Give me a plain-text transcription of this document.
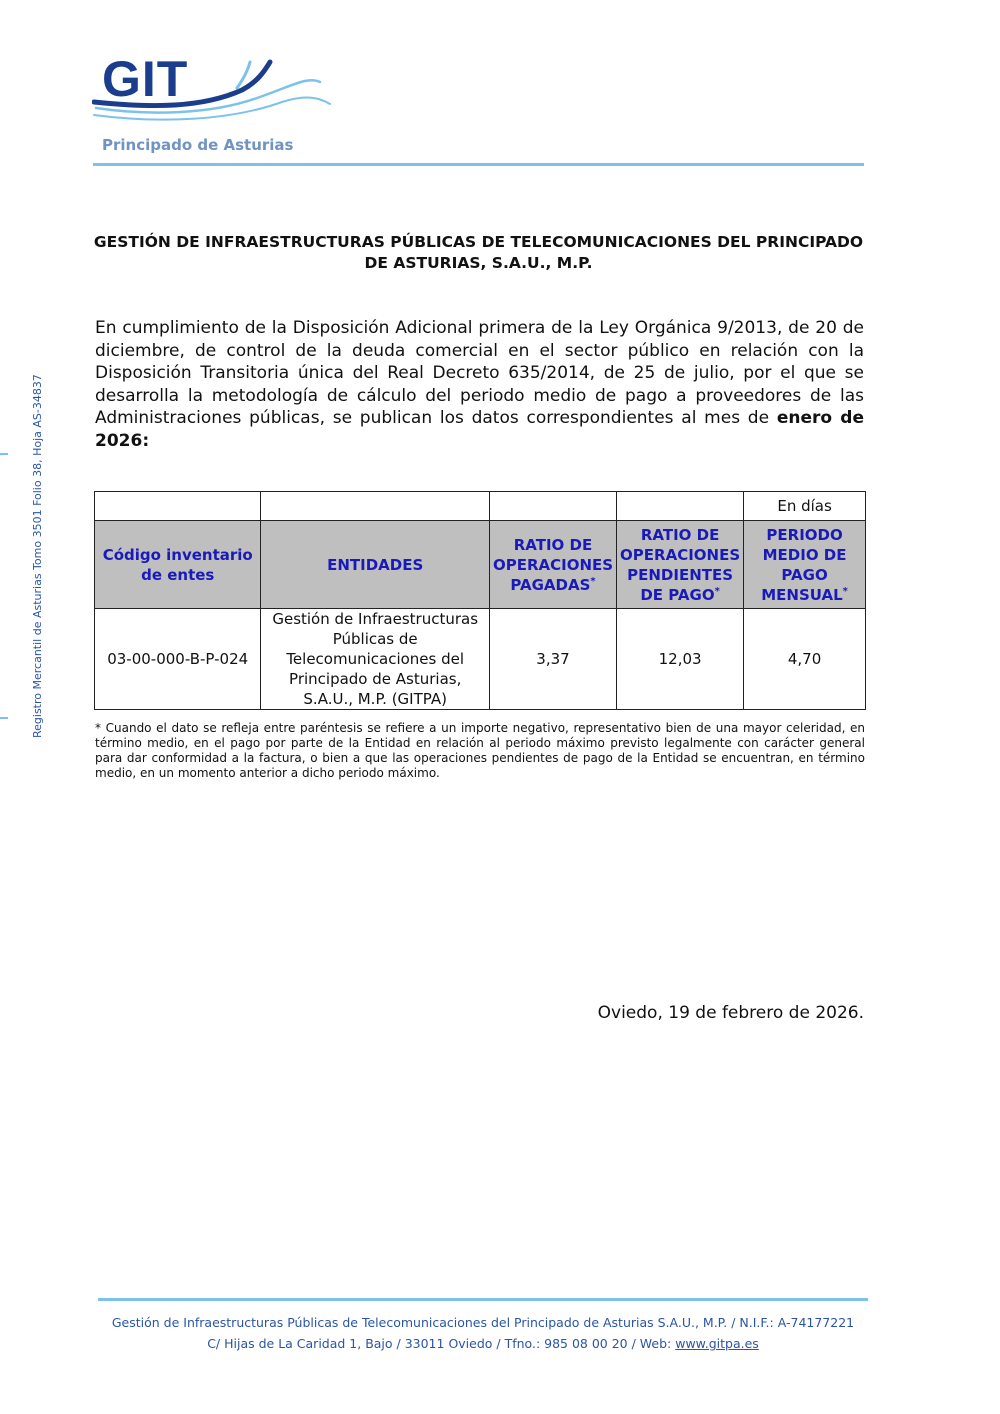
GIT
Principado de Asturias
Registro Mercantil de Asturias Tomo 3501 Folio 38, Hoja AS-34837
GESTIÓN DE INFRAESTRUCTURAS PÚBLICAS DE TELECOMUNICACIONES DEL PRINCIPADO DE ASTURIAS, S.A.U., M.P.
En cumplimiento de la Disposición Adicional primera de la Ley Orgánica 9/2013, de 20 de diciembre, de control de la deuda comercial en el sector público en relación con la Disposición Transitoria única del Real Decreto 635/2014, de 25 de julio, por el que se desarrolla la metodología de cálculo del periodo medio de pago a proveedores de las Administraciones públicas, se publican los datos correspondientes al mes de enero de 2026:
				En días
Código inventario de entes	ENTIDADES	RATIO DE OPERACIONES PAGADAS*	RATIO DE OPERACIONES PENDIENTES DE PAGO*	PERIODO MEDIO DE PAGO MENSUAL*
03-00-000-B-P-024	Gestión de Infraestructuras Públicas de Telecomunicaciones del Principado de Asturias, S.A.U., M.P. (GITPA)	3,37	12,03	4,70
* Cuando el dato se refleja entre paréntesis se refiere a un importe negativo, representativo bien de una mayor celeridad, en término medio, en el pago por parte de la Entidad en relación al periodo máximo previsto legalmente con carácter general para dar conformidad a la factura, o bien a que las operaciones pendientes de pago de la Entidad se encuentran, en término medio, en un momento anterior a dicho periodo máximo.
Oviedo, 19 de febrero de 2026.
Gestión de Infraestructuras Públicas de Telecomunicaciones del Principado de Asturias S.A.U., M.P. / N.I.F.: A-74177221
C/ Hijas de La Caridad 1, Bajo / 33011 Oviedo / Tfno.: 985 08 00 20 / Web: www.gitpa.es
